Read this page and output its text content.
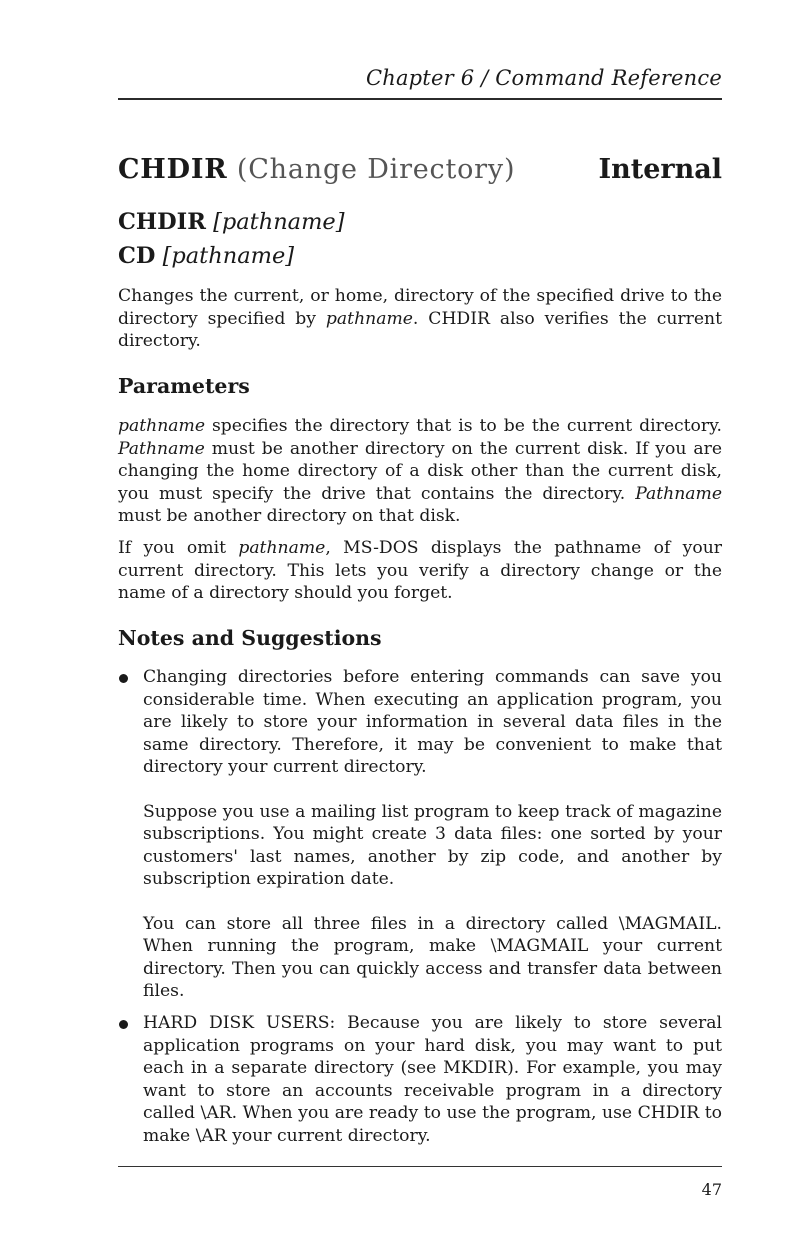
Chapter 6 / Command Reference
CHDIR (Change Directory)	Internal
CHDIR [pathname]
CD [pathname]

Changes the current, or home, directory of the specified drive to the directory specified by pathname. CHDIR also verifies the current directory.

Parameters

pathname specifies the directory that is to be the current directory. Pathname must be another directory on the current disk. If you are changing the home directory of a disk other than the current disk, you must specify the drive that contains the directory. Pathname must be another directory on that disk.

If you omit pathname, MS-DOS displays the pathname of your current directory. This lets you verify a directory change or the name of a directory should you forget.

Notes and Suggestions

Changing directories before entering commands can save you considerable time. When executing an application program, you are likely to store your information in several data files in the same directory. Therefore, it may be convenient to make that directory your current directory.

Suppose you use a mailing list program to keep track of magazine subscriptions. You might create 3 data files: one sorted by your customers' last names, another by zip code, and another by subscription expiration date.

You can store all three files in a directory called \MAGMAIL. When running the program, make \MAGMAIL your current directory. Then you can quickly access and transfer data between files.

HARD DISK USERS: Because you are likely to store several application programs on your hard disk, you may want to put each in a separate directory (see MKDIR). For example, you may want to store an accounts receivable program in a directory called \AR. When you are ready to use the program, use CHDIR to make \AR your current directory.

47
